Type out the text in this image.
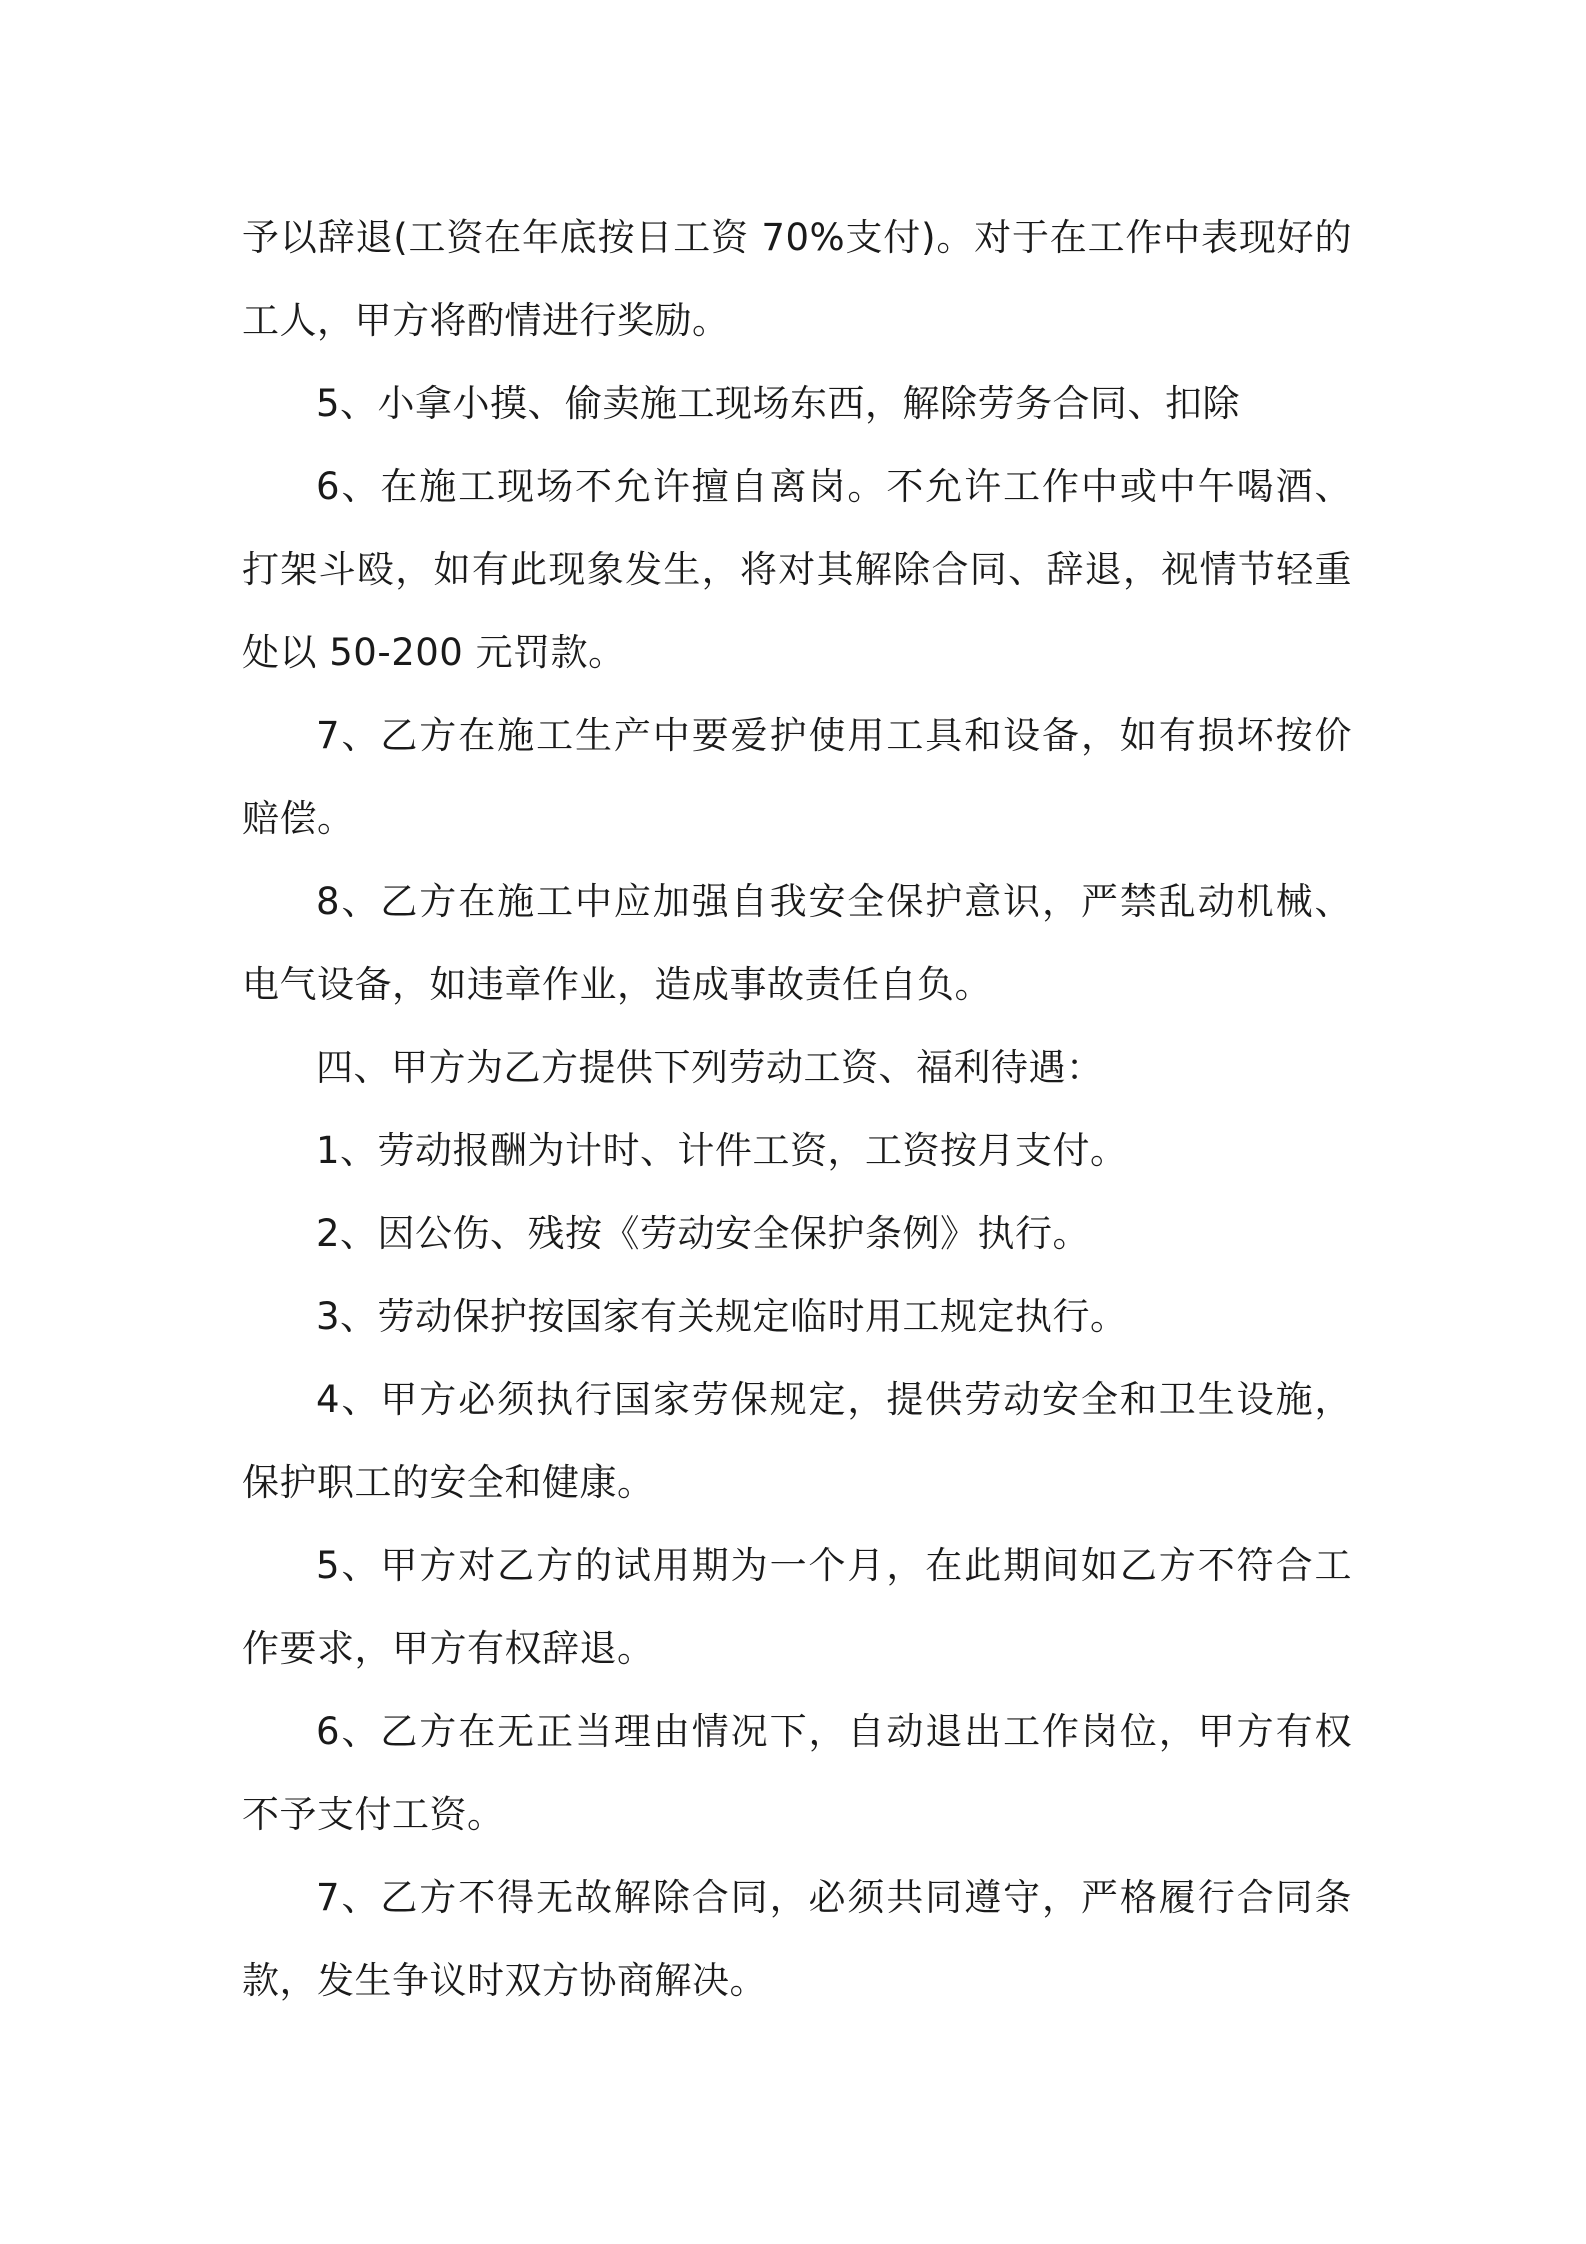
予以辞退(工资在年底按日工资 70%支付)。对于在工作中表现好的工人，甲方将酌情进行奖励。

5、小拿小摸、偷卖施工现场东西，解除劳务合同、扣除

6、在施工现场不允许擅自离岗。不允许工作中或中午喝酒、打架斗殴，如有此现象发生，将对其解除合同、辞退，视情节轻重处以 50-200 元罚款。

7、乙方在施工生产中要爱护使用工具和设备，如有损坏按价赔偿。

8、乙方在施工中应加强自我安全保护意识，严禁乱动机械、电气设备，如违章作业，造成事故责任自负。

四、甲方为乙方提供下列劳动工资、福利待遇：

1、劳动报酬为计时、计件工资，工资按月支付。

2、因公伤、残按《劳动安全保护条例》执行。

3、劳动保护按国家有关规定临时用工规定执行。

4、甲方必须执行国家劳保规定，提供劳动安全和卫生设施，保护职工的安全和健康。

5、甲方对乙方的试用期为一个月，在此期间如乙方不符合工作要求，甲方有权辞退。

6、乙方在无正当理由情况下，自动退出工作岗位，甲方有权不予支付工资。

7、乙方不得无故解除合同，必须共同遵守，严格履行合同条款，发生争议时双方协商解决。
